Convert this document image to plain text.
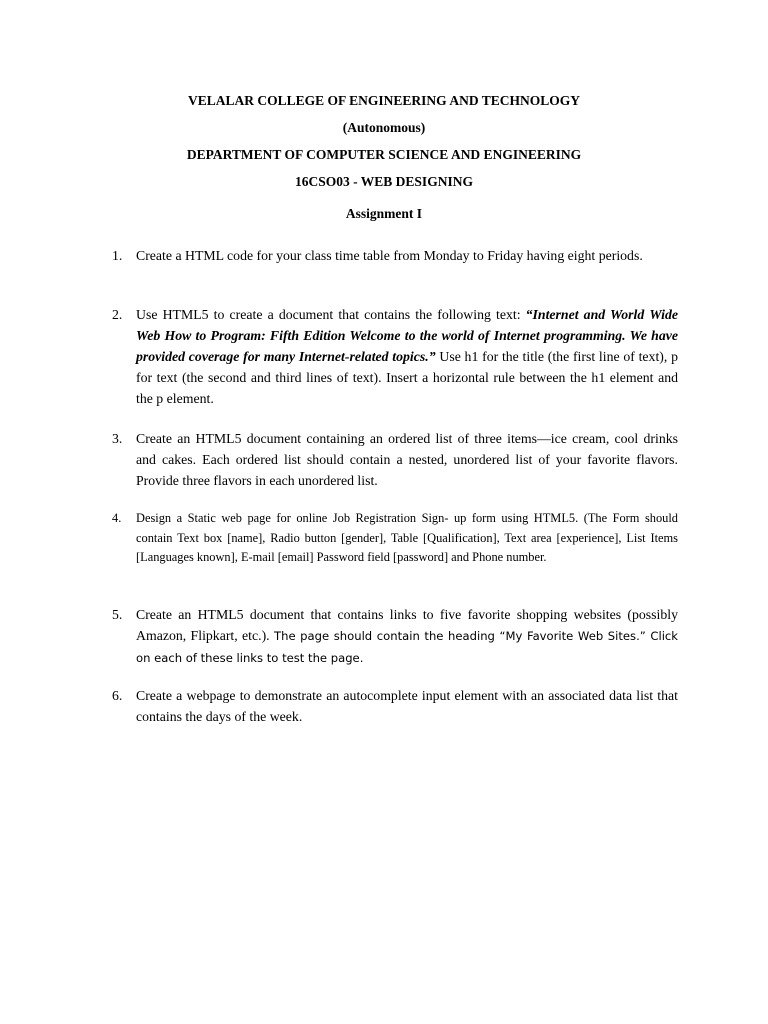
VELALAR COLLEGE OF ENGINEERING AND TECHNOLOGY
(Autonomous)
DEPARTMENT OF COMPUTER SCIENCE AND ENGINEERING
16CSO03 - WEB DESIGNING
Assignment I
1. Create a HTML code for your class time table from Monday to Friday having eight periods.
2. Use HTML5 to create a document that contains the following text: “Internet and World Wide Web How to Program: Fifth Edition Welcome to the world of Internet programming. We have provided coverage for many Internet-related topics.” Use h1 for the title (the first line of text), p for text (the second and third lines of text). Insert a horizontal rule between the h1 element and the p element.
3. Create an HTML5 document containing an ordered list of three items—ice cream, cool drinks and cakes. Each ordered list should contain a nested, unordered list of your favorite flavors. Provide three flavors in each unordered list.
4. Design a Static web page for online Job Registration Sign- up form using HTML5. (The Form should contain Text box [name], Radio button [gender], Table [Qualification], Text area [experience], List Items [Languages known], E-mail [email] Password field [password] and Phone number.
5. Create an HTML5 document that contains links to five favorite shopping websites (possibly Amazon, Flipkart, etc.). The page should contain the heading “My Favorite Web Sites.” Click on each of these links to test the page.
6. Create a webpage to demonstrate an autocomplete input element with an associated data list that contains the days of the week.
